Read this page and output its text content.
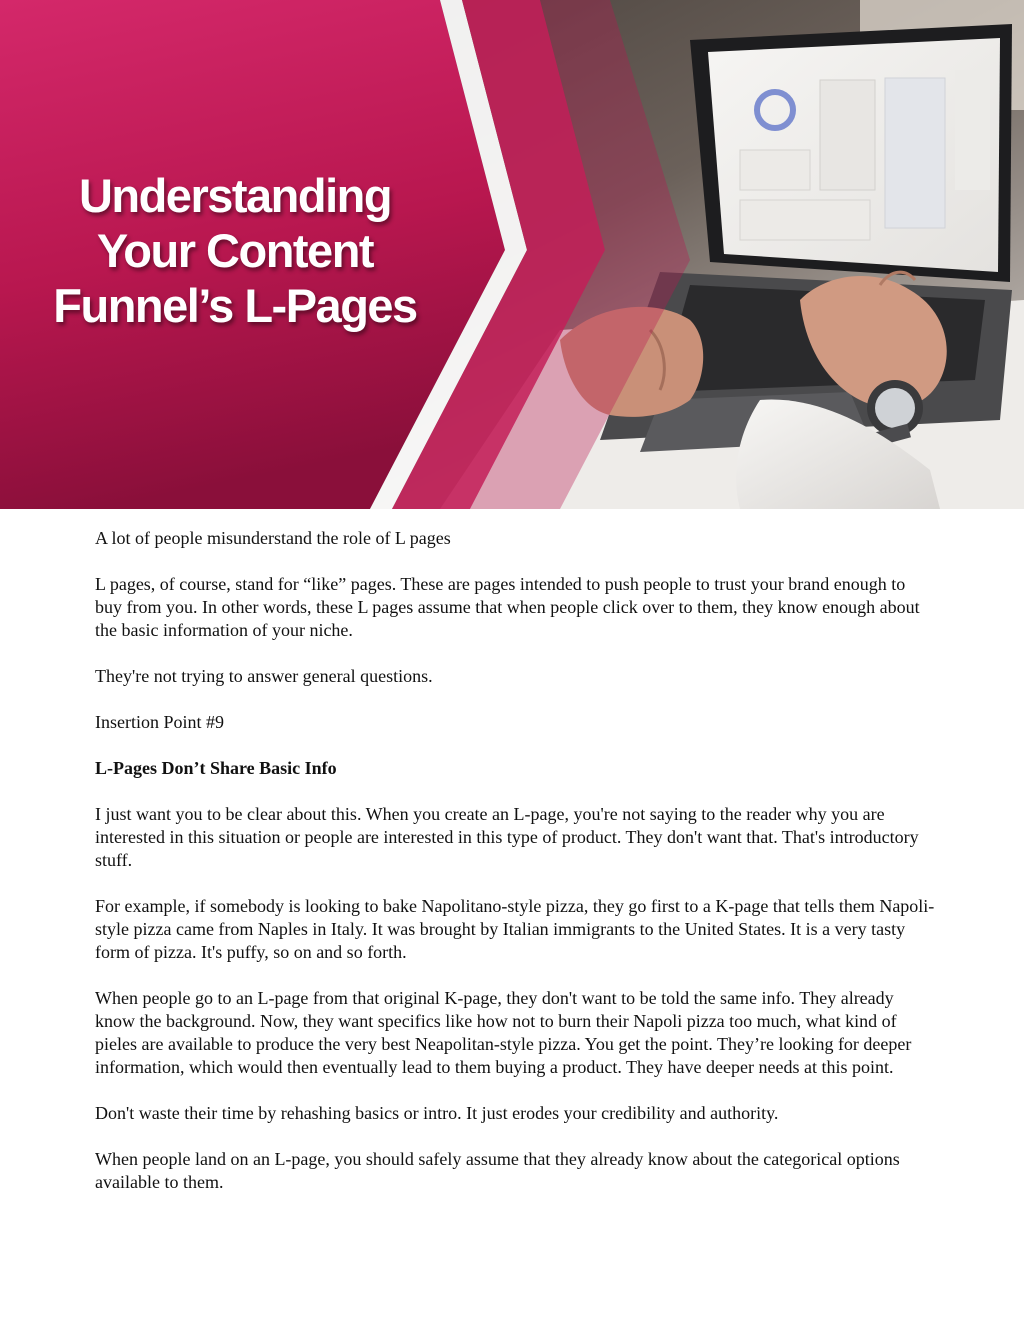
Understanding
Your Content
Funnel’s L-Pages

A lot of people misunderstand the role of L pages

L pages, of course, stand for “like” pages. These are pages intended to push people to trust your brand enough to buy from you. In other words, these L pages assume that when people click over to them, they know enough about the basic information of your niche.

They're not trying to answer general questions.

Insertion Point #9

L-Pages Don’t Share Basic Info

I just want you to be clear about this. When you create an L-page, you're not saying to the reader why you are interested in this situation or people are interested in this type of product. They don't want that. That's introductory stuff.

For example, if somebody is looking to bake Napolitano-style pizza, they go first to a K-page that tells them Napoli-style pizza came from Naples in Italy. It was brought by Italian immigrants to the United States. It is a very tasty form of pizza. It's puffy, so on and so forth.

When people go to an L-page from that original K-page, they don't want to be told the same info. They already know the background. Now, they want specifics like how not to burn their Napoli pizza too much, what kind of pieles are available to produce the very best Neapolitan-style pizza. You get the point. They’re looking for deeper information, which would then eventually lead to them buying a product. They have deeper needs at this point.

Don't waste their time by rehashing basics or intro. It just erodes your credibility and authority.

When people land on an L-page, you should safely assume that they already know about the categorical options available to them.
